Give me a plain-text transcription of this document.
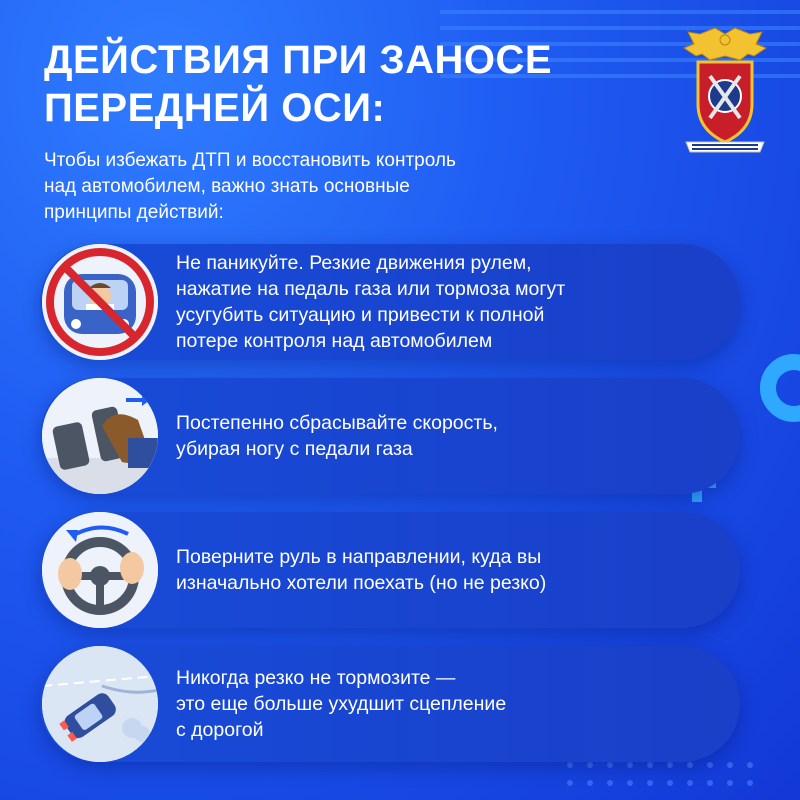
ДЕЙСТВИЯ ПРИ ЗАНОСЕ
ПЕРЕДНЕЙ ОСИ:
Чтобы избежать ДТП и восстановить контроль
над автомобилем, важно знать основные
принципы действий:
Не паникуйте. Резкие движения рулем,
нажатие на педаль газа или тормоза могут
усугубить ситуацию и привести к полной
потере контроля над автомобилем
Постепенно сбрасывайте скорость,
убирая ногу с педали газа
Поверните руль в направлении, куда вы
изначально хотели поехать (но не резко)
Никогда резко не тормозите —
это еще больше ухудшит сцепление
с дорогой
